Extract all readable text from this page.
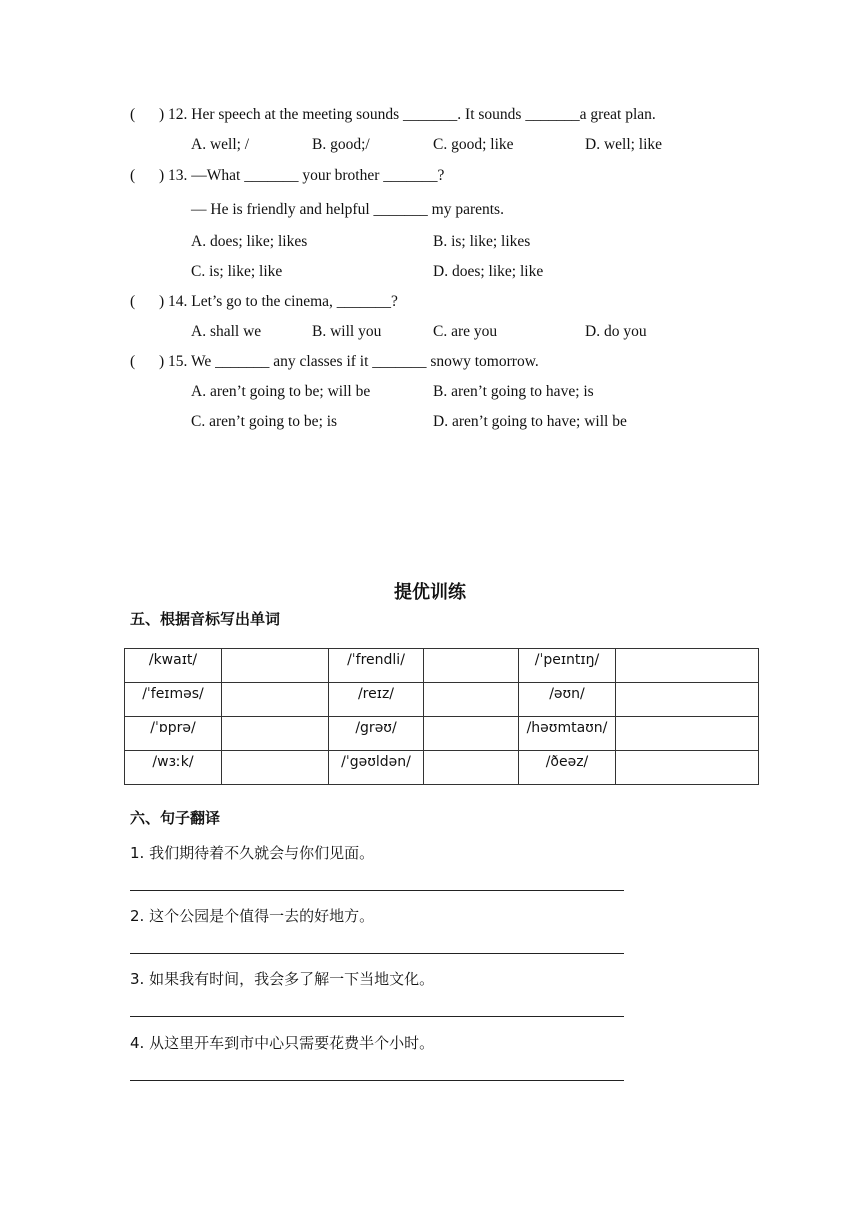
( ) 12. Her speech at the meeting sounds _______. It sounds _______a great plan.
A. well; /	B. good;/	C. good; like	D. well; like
( ) 13. —What _______ your brother _______?
— He is friendly and helpful _______ my parents.
A. does; like; likes	B. is; like; likes
C. is; like; like	D. does; like; like
( ) 14. Let’s go to the cinema, _______?
A. shall we	B. will you	C. are you	D. do you
( ) 15. We _______ any classes if it _______ snowy tomorrow.
A. aren’t going to be; will be	B. aren’t going to have; is
C. aren’t going to be; is	D. aren’t going to have; will be
提优训练
五、根据音标写出单词
/kwaɪt/		/ˈfrendli/		/ˈpeɪntɪŋ/	
/ˈfeɪməs/		/reɪz/		/əʊn/	
/ˈɒprə/		/grəʊ/		/həʊmtaʊn/	
/wɜːk/		/ˈgəʊldən/		/ðeəz/	
六、句子翻译
1. 我们期待着不久就会与你们见面。
2. 这个公园是个值得一去的好地方。
3. 如果我有时间，我会多了解一下当地文化。
4. 从这里开车到市中心只需要花费半个小时。
